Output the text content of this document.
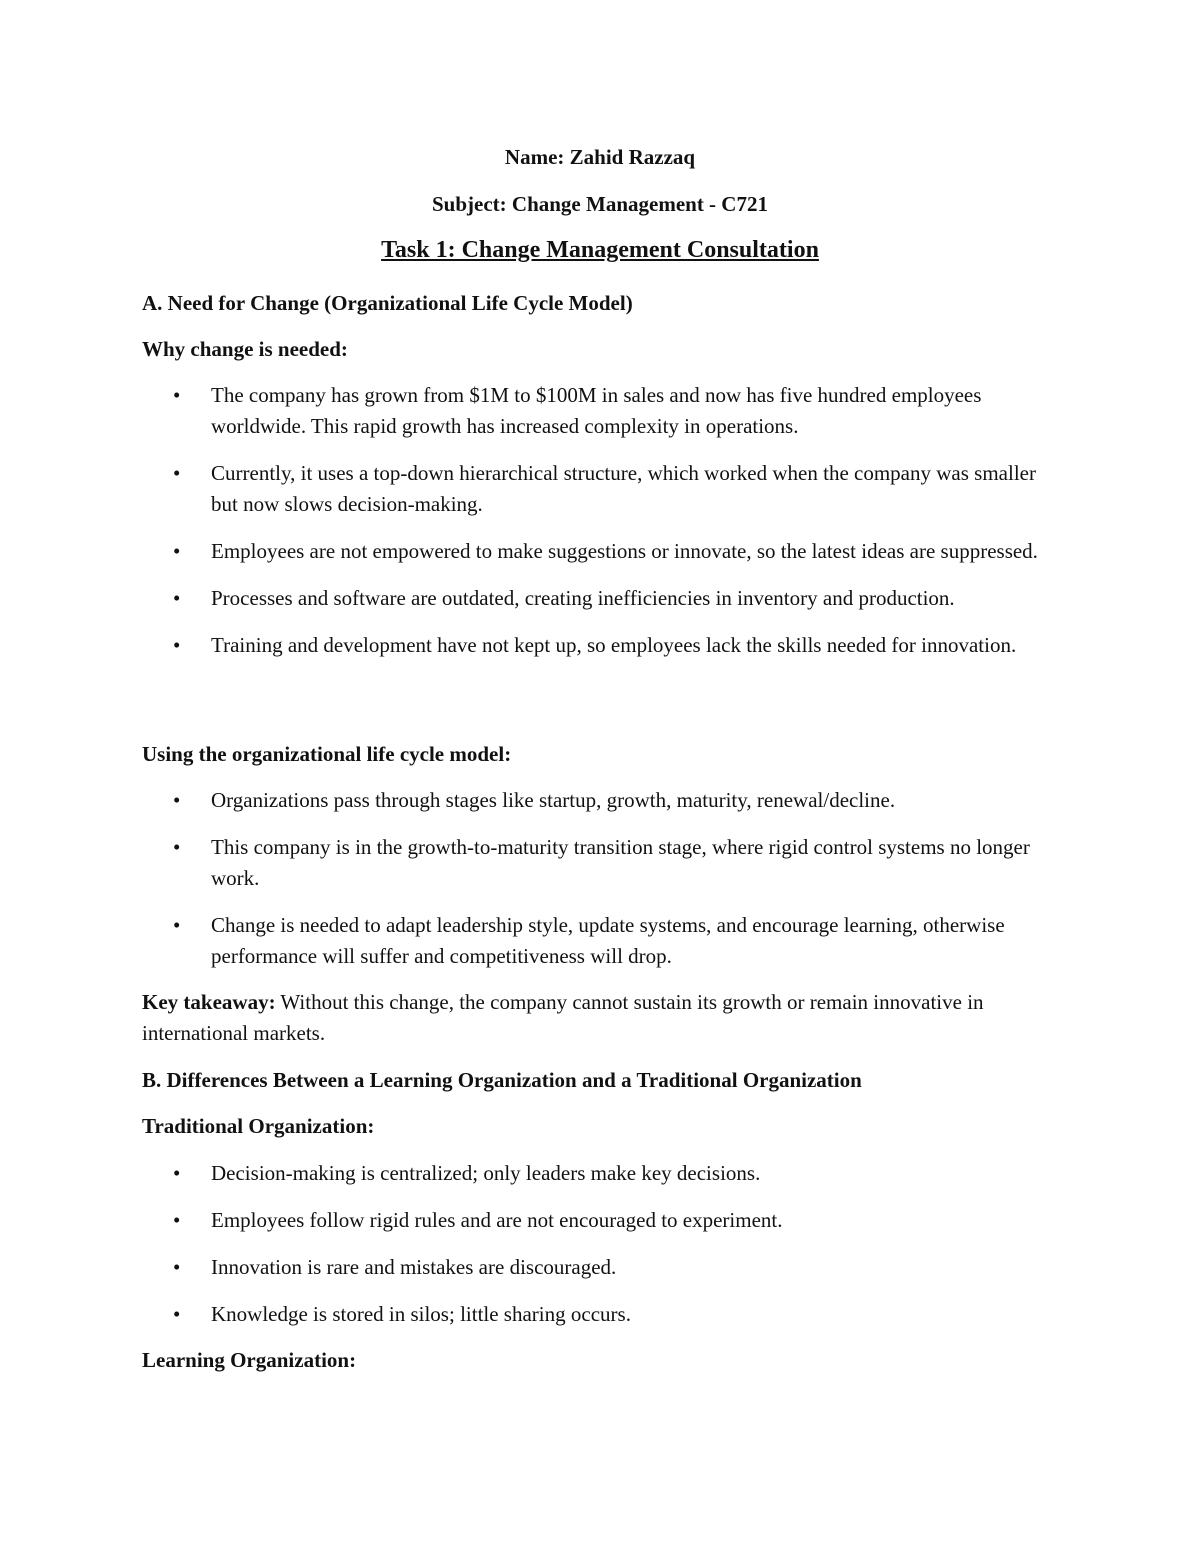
Name: Zahid Razzaq
Subject: Change Management - C721
Task 1: Change Management Consultation
A. Need for Change (Organizational Life Cycle Model)
Why change is needed:
• The company has grown from $1M to $100M in sales and now has five hundred employees worldwide. This rapid growth has increased complexity in operations.
• Currently, it uses a top-down hierarchical structure, which worked when the company was smaller but now slows decision-making.
• Employees are not empowered to make suggestions or innovate, so the latest ideas are suppressed.
• Processes and software are outdated, creating inefficiencies in inventory and production.
• Training and development have not kept up, so employees lack the skills needed for innovation.
Using the organizational life cycle model:
• Organizations pass through stages like startup, growth, maturity, renewal/decline.
• This company is in the growth-to-maturity transition stage, where rigid control systems no longer work.
• Change is needed to adapt leadership style, update systems, and encourage learning, otherwise performance will suffer and competitiveness will drop.
Key takeaway: Without this change, the company cannot sustain its growth or remain innovative in international markets.
B. Differences Between a Learning Organization and a Traditional Organization
Traditional Organization:
• Decision-making is centralized; only leaders make key decisions.
• Employees follow rigid rules and are not encouraged to experiment.
• Innovation is rare and mistakes are discouraged.
• Knowledge is stored in silos; little sharing occurs.
Learning Organization:
